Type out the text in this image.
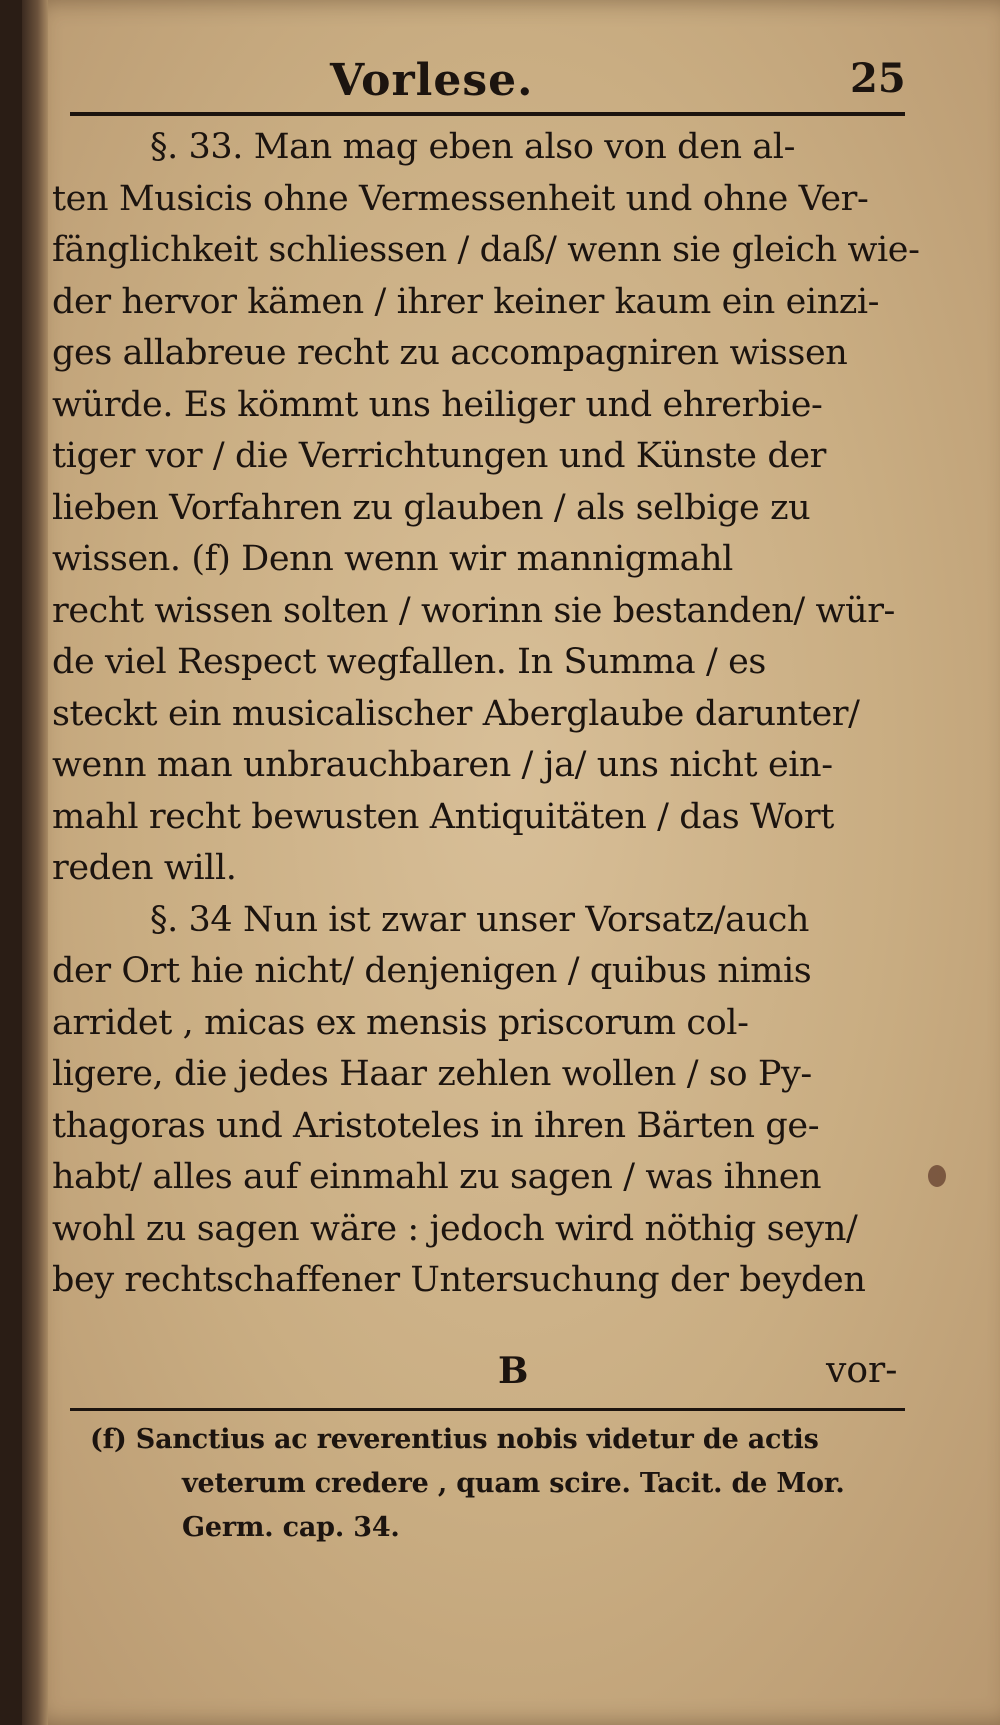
Vorlese.	25
§. 33. Man mag eben also von den al-
ten Musicis ohne Vermessenheit und ohne Ver-
fänglichkeit schliessen / daß/ wenn sie gleich wie-
der hervor kämen / ihrer keiner kaum ein einzi-
ges allabreue recht zu accompagniren wissen
würde. Es kömmt uns heiliger und ehrerbie-
tiger vor / die Verrichtungen und Künste der
lieben Vorfahren zu glauben / als selbige zu
wissen. (f) Denn wenn wir mannigmahl
recht wissen solten / worinn sie bestanden/ wür-
de viel Respect wegfallen. In Summa / es
steckt ein musicalischer Aberglaube darunter/
wenn man unbrauchbaren / ja/ uns nicht ein-
mahl recht bewusten Antiquitäten / das Wort
reden will.
§. 34 Nun ist zwar unser Vorsatz/auch
der Ort hie nicht/ denjenigen / quibus nimis
arridet , micas ex mensis priscorum col-
ligere, die jedes Haar zehlen wollen / so Py-
thagoras und Aristoteles in ihren Bärten ge-
habt/ alles auf einmahl zu sagen / was ihnen
wohl zu sagen wäre : jedoch wird nöthig seyn/
bey rechtschaffener Untersuchung der beyden
B	vor-
(f) Sanctius ac reverentius nobis videtur de actis
veterum credere , quam scire. Tacit. de Mor.
Germ. cap. 34.
